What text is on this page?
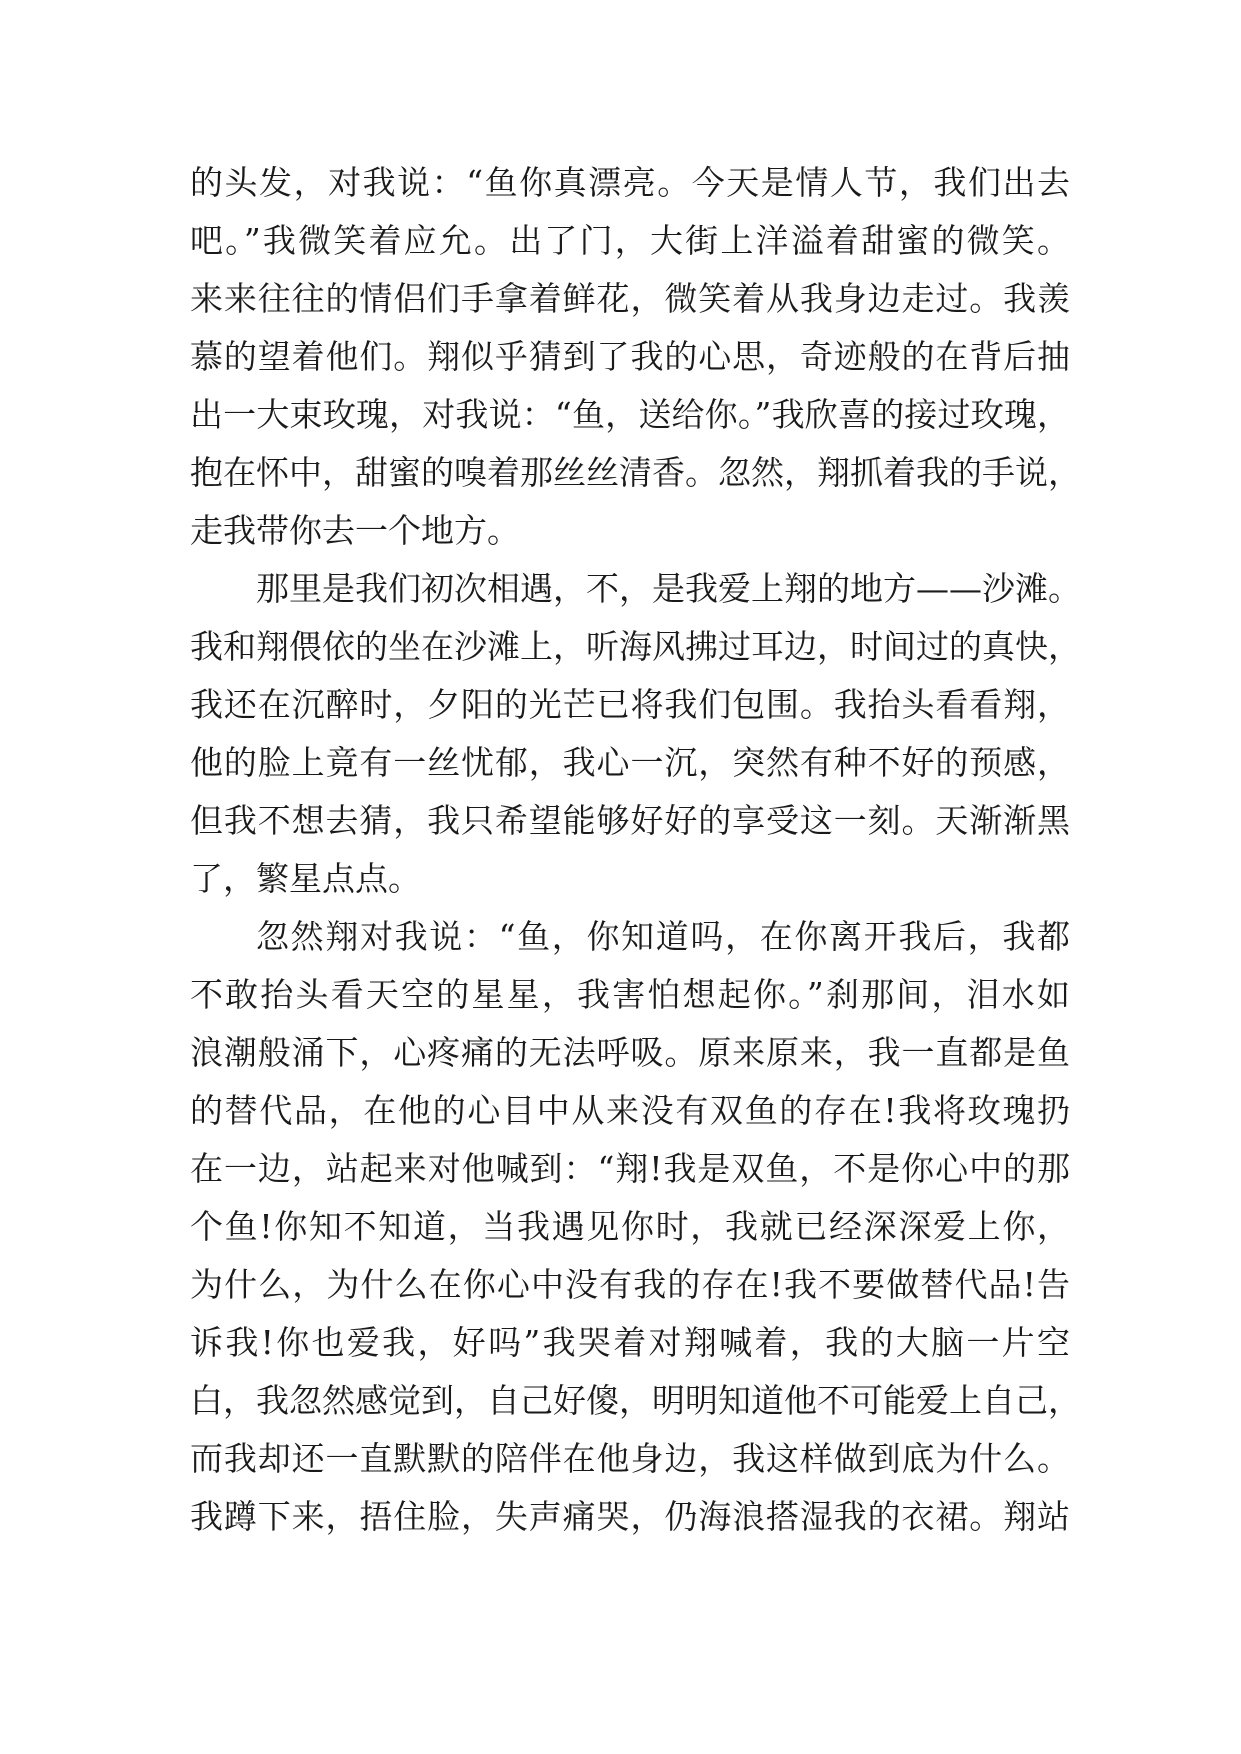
的头发，对我说：“鱼你真漂亮。今天是情人节，我们出去
吧。”我微笑着应允。出了门，大街上洋溢着甜蜜的微笑。
来来往往的情侣们手拿着鲜花，微笑着从我身边走过。我羡
慕的望着他们。翔似乎猜到了我的心思，奇迹般的在背后抽
出一大束玫瑰，对我说：“鱼，送给你。”我欣喜的接过玫瑰，
抱在怀中，甜蜜的嗅着那丝丝清香。忽然，翔抓着我的手说，
走我带你去一个地方。
那里是我们初次相遇，不，是我爱上翔的地方——沙滩。
我和翔偎依的坐在沙滩上，听海风拂过耳边，时间过的真快，
我还在沉醉时，夕阳的光芒已将我们包围。我抬头看看翔，
他的脸上竟有一丝忧郁，我心一沉，突然有种不好的预感，
但我不想去猜，我只希望能够好好的享受这一刻。天渐渐黑
了，繁星点点。
忽然翔对我说：“鱼，你知道吗，在你离开我后，我都
不敢抬头看天空的星星，我害怕想起你。”刹那间，泪水如
浪潮般涌下，心疼痛的无法呼吸。原来原来，我一直都是鱼
的替代品，在他的心目中从来没有双鱼的存在!我将玫瑰扔
在一边，站起来对他喊到：“翔!我是双鱼，不是你心中的那
个鱼!你知不知道，当我遇见你时，我就已经深深爱上你，
为什么，为什么在你心中没有我的存在!我不要做替代品!告
诉我!你也爱我，好吗”我哭着对翔喊着，我的大脑一片空
白，我忽然感觉到，自己好傻，明明知道他不可能爱上自己，
而我却还一直默默的陪伴在他身边，我这样做到底为什么。
我蹲下来，捂住脸，失声痛哭，仍海浪搭湿我的衣裙。翔站
